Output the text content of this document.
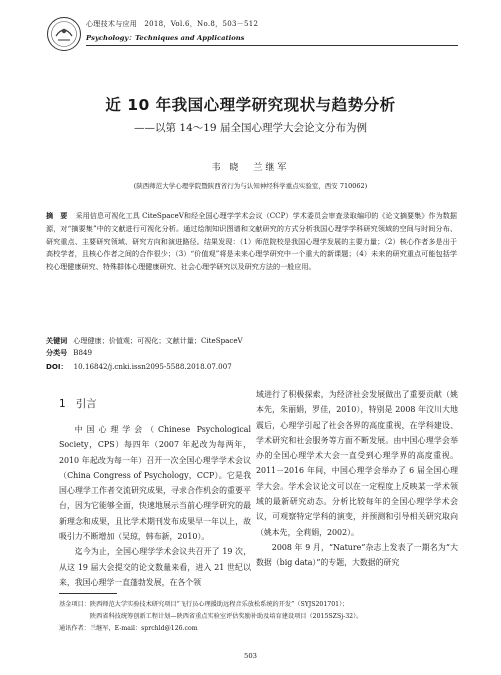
心理技术与应用　2018，Vol.6，No.8，503－512
Psychology：Techniques and Applications
近 10 年我国心理学研究现状与趋势分析
——以第 14～19 届全国心理学大会论文分布为例
韦 晓　兰继军
(陕西师范大学心理学院暨陕西省行为与认知神经科学重点实验室，西安 710062)
摘　要 采用信息可视化工具 CiteSpaceⅤ和经全国心理学学术会议（CCP）学术委员会审查录取编印的《论文摘要集》作为数据源，对“摘要集”中的文献进行可视化分析。通过绘制知识图谱和文献研究的方式分析我国心理学学科研究领域的空间与时间分布、研究重点、主要研究领域、研究方向和演进路径。结果发现：（1）师范院校是我国心理学发展的主要力量；（2）核心作者多是出于高校学者，且核心作者之间的合作很少；（3）“价值观”将是未来心理学研究中一个重大的新课题；（4）未来的研究重点可能包括学校心理健康研究、特殊群体心理健康研究、社会心理学研究以及研究方法的一般应用。
关键词 心理健康；价值观；可视化；文献计量；CiteSpaceⅤ
分类号 B849
DOI： 10.16842/j.cnki.issn2095-5588.2018.07.007
1 引言

中国心理学会（Chinese Psychological Society，CPS）每四年（2007 年起改为每两年，2010 年起改为每一年）召开一次全国心理学学术会议（China Congress of Psychology，CCP）。它是我国心理学工作者交流研究成果，寻求合作机会的重要平台，因为它能够全面，快速地展示当前心理学研究的最新理念和成果，且比学术期刊发布成果早一年以上，故吸引力不断增加（吴琼，韩布新，2010）。

迄今为止，全国心理学学术会议共召开了 19 次，从这 19 届大会提交的论文数量来看，进入 21 世纪以来，我国心理学一直蓬勃发展，在各个领

域进行了积极探索，为经济社会发展做出了重要贡献（姚本先，朱丽娟，罗佳，2010），特别是 2008 年汶川大地震后，心理学引起了社会各界的高度重视，在学科建设、学术研究和社会服务等方面不断发展。由中国心理学会举办的全国心理学术大会一直受到心理学界的高度重视。2011－2016 年间，中国心理学会举办了 6 届全国心理学大会。学术会议论文可以在一定程度上反映某一学术领域的最新研究动态。分析比较每年的全国心理学学术会议，可观察特定学科的演变，并预测和引导相关研究取向（姚本先，全莉娟，2002）。

2008 年 9 月，“Nature”杂志上发表了一期名为“大数据（big data）”的专题，大数据的研究

基金项目：陕西师范大学实验技术研究项目“飞行员心理援助远程音乐放松系统的开发”（SYJS201701）；
　　　　　陕西省科技统筹创新工程计划—陕西省重点实验室评估奖励补助及培育建设项目（2015SZSj-32）。
通讯作者：兰继军，E-mail：sprchld@126.com
503
